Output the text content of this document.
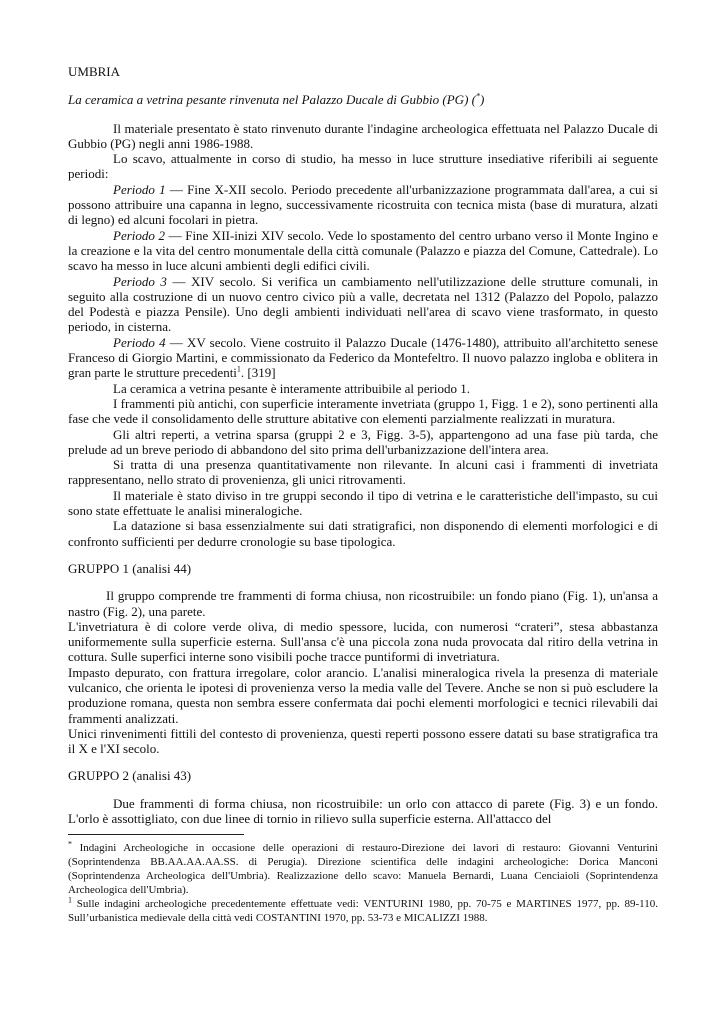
UMBRIA

La ceramica a vetrina pesante rinvenuta nel Palazzo Ducale di Gubbio (PG) (*)

Il materiale presentato è stato rinvenuto durante l'indagine archeologica effettuata nel Palazzo Ducale di Gubbio (PG) negli anni 1986-1988.

Lo scavo, attualmente in corso di studio, ha messo in luce strutture insediative riferibili ai seguente periodi:

Periodo 1 — Fine X-XII secolo. Periodo precedente all'urbanizzazione programmata dall'area, a cui si possono attribuire una capanna in legno, successivamente ricostruita con tecnica mista (base di muratura, alzati di legno) ed alcuni focolari in pietra.

Periodo 2 — Fine XII-inizi XIV secolo. Vede lo spostamento del centro urbano verso il Monte Ingino e la creazione e la vita del centro monumentale della città comunale (Palazzo e piazza del Comune, Cattedrale). Lo scavo ha messo in luce alcuni ambienti degli edifici civili.

Periodo 3 — XIV secolo. Si verifica un cambiamento nell'utilizzazione delle strutture comunali, in seguito alla costruzione di un nuovo centro civico più a valle, decretata nel 1312 (Palazzo del Popolo, palazzo del Podestà e piazza Pensile). Uno degli ambienti individuati nell'area di scavo viene trasformato, in questo periodo, in cisterna.

Periodo 4 — XV secolo. Viene costruito il Palazzo Ducale (1476-1480), attribuito all'architetto senese Franceso di Giorgio Martini, e commissionato da Federico da Montefeltro. Il nuovo palazzo ingloba e oblitera in gran parte le strutture precedenti$^1$. [319]

La ceramica a vetrina pesante è interamente attribuibile al periodo 1.

I frammenti più antichi, con superficie interamente invetriata (gruppo 1, Figg. 1 e 2), sono pertinenti alla fase che vede il consolidamento delle strutture abitative con elementi parzialmente realizzati in muratura.

Gli altri reperti, a vetrina sparsa (gruppi 2 e 3, Figg. 3-5), appartengono ad una fase più tarda, che prelude ad un breve periodo di abbandono del sito prima dell'urbanizzazione dell'intera area.

Si tratta di una presenza quantitativamente non rilevante. In alcuni casi i frammenti di invetriata rappresentano, nello strato di provenienza, gli unici ritrovamenti.

Il materiale è stato diviso in tre gruppi secondo il tipo di vetrina e le caratteristiche dell'impasto, su cui sono state effettuate le analisi mineralogiche.

La datazione si basa essenzialmente sui dati stratigrafici, non disponendo di elementi morfologici e di confronto sufficienti per dedurre cronologie su base tipologica.

GRUPPO 1 (analisi 44)

Il gruppo comprende tre frammenti di forma chiusa, non ricostruibile: un fondo piano (Fig. 1), un'ansa a nastro (Fig. 2), una parete.

L'invetriatura è di colore verde oliva, di medio spessore, lucida, con numerosi “crateri”, stesa abbastanza uniformemente sulla superficie esterna. Sull'ansa c'è una piccola zona nuda provocata dal ritiro della vetrina in cottura. Sulle superfici interne sono visibili poche tracce puntiformi di invetriatura.

Impasto depurato, con frattura irregolare, color arancio. L'analisi mineralogica rivela la presenza di materiale vulcanico, che orienta le ipotesi di provenienza verso la media valle del Tevere. Anche se non si può escludere la produzione romana, questa non sembra essere confermata dai pochi elementi morfologici e tecnici rilevabili dai frammenti analizzati.

Unici rinvenimenti fittili del contesto di provenienza, questi reperti possono essere datati su base stratigrafica tra il X e l'XI secolo.

GRUPPO 2 (analisi 43)

Due frammenti di forma chiusa, non ricostruibile: un orlo con attacco di parete (Fig. 3) e un fondo. L'orlo è assottigliato, con due linee di tornio in rilievo sulla superficie esterna. All'attacco del

* Indagini Archeologiche in occasione delle operazioni di restauro-Direzione dei lavori di restauro: Giovanni Venturini (Soprintendenza BB.AA.AA.AA.SS. di Perugia). Direzione scientifica delle indagini archeologiche: Dorica Manconi (Soprintendenza Archeologica dell'Umbria). Realizzazione dello scavo: Manuela Bernardi, Luana Cenciaioli (Soprintendenza Archeologica dell'Umbria).

$^1$ Sulle indagini archeologiche precedentemente effettuate vedi: VENTURINI 1980, pp. 70-75 e MARTINES 1977, pp. 89-110. Sull’urbanistica medievale della città vedi COSTANTINI 1970, pp. 53-73 e MICALIZZI 1988.
